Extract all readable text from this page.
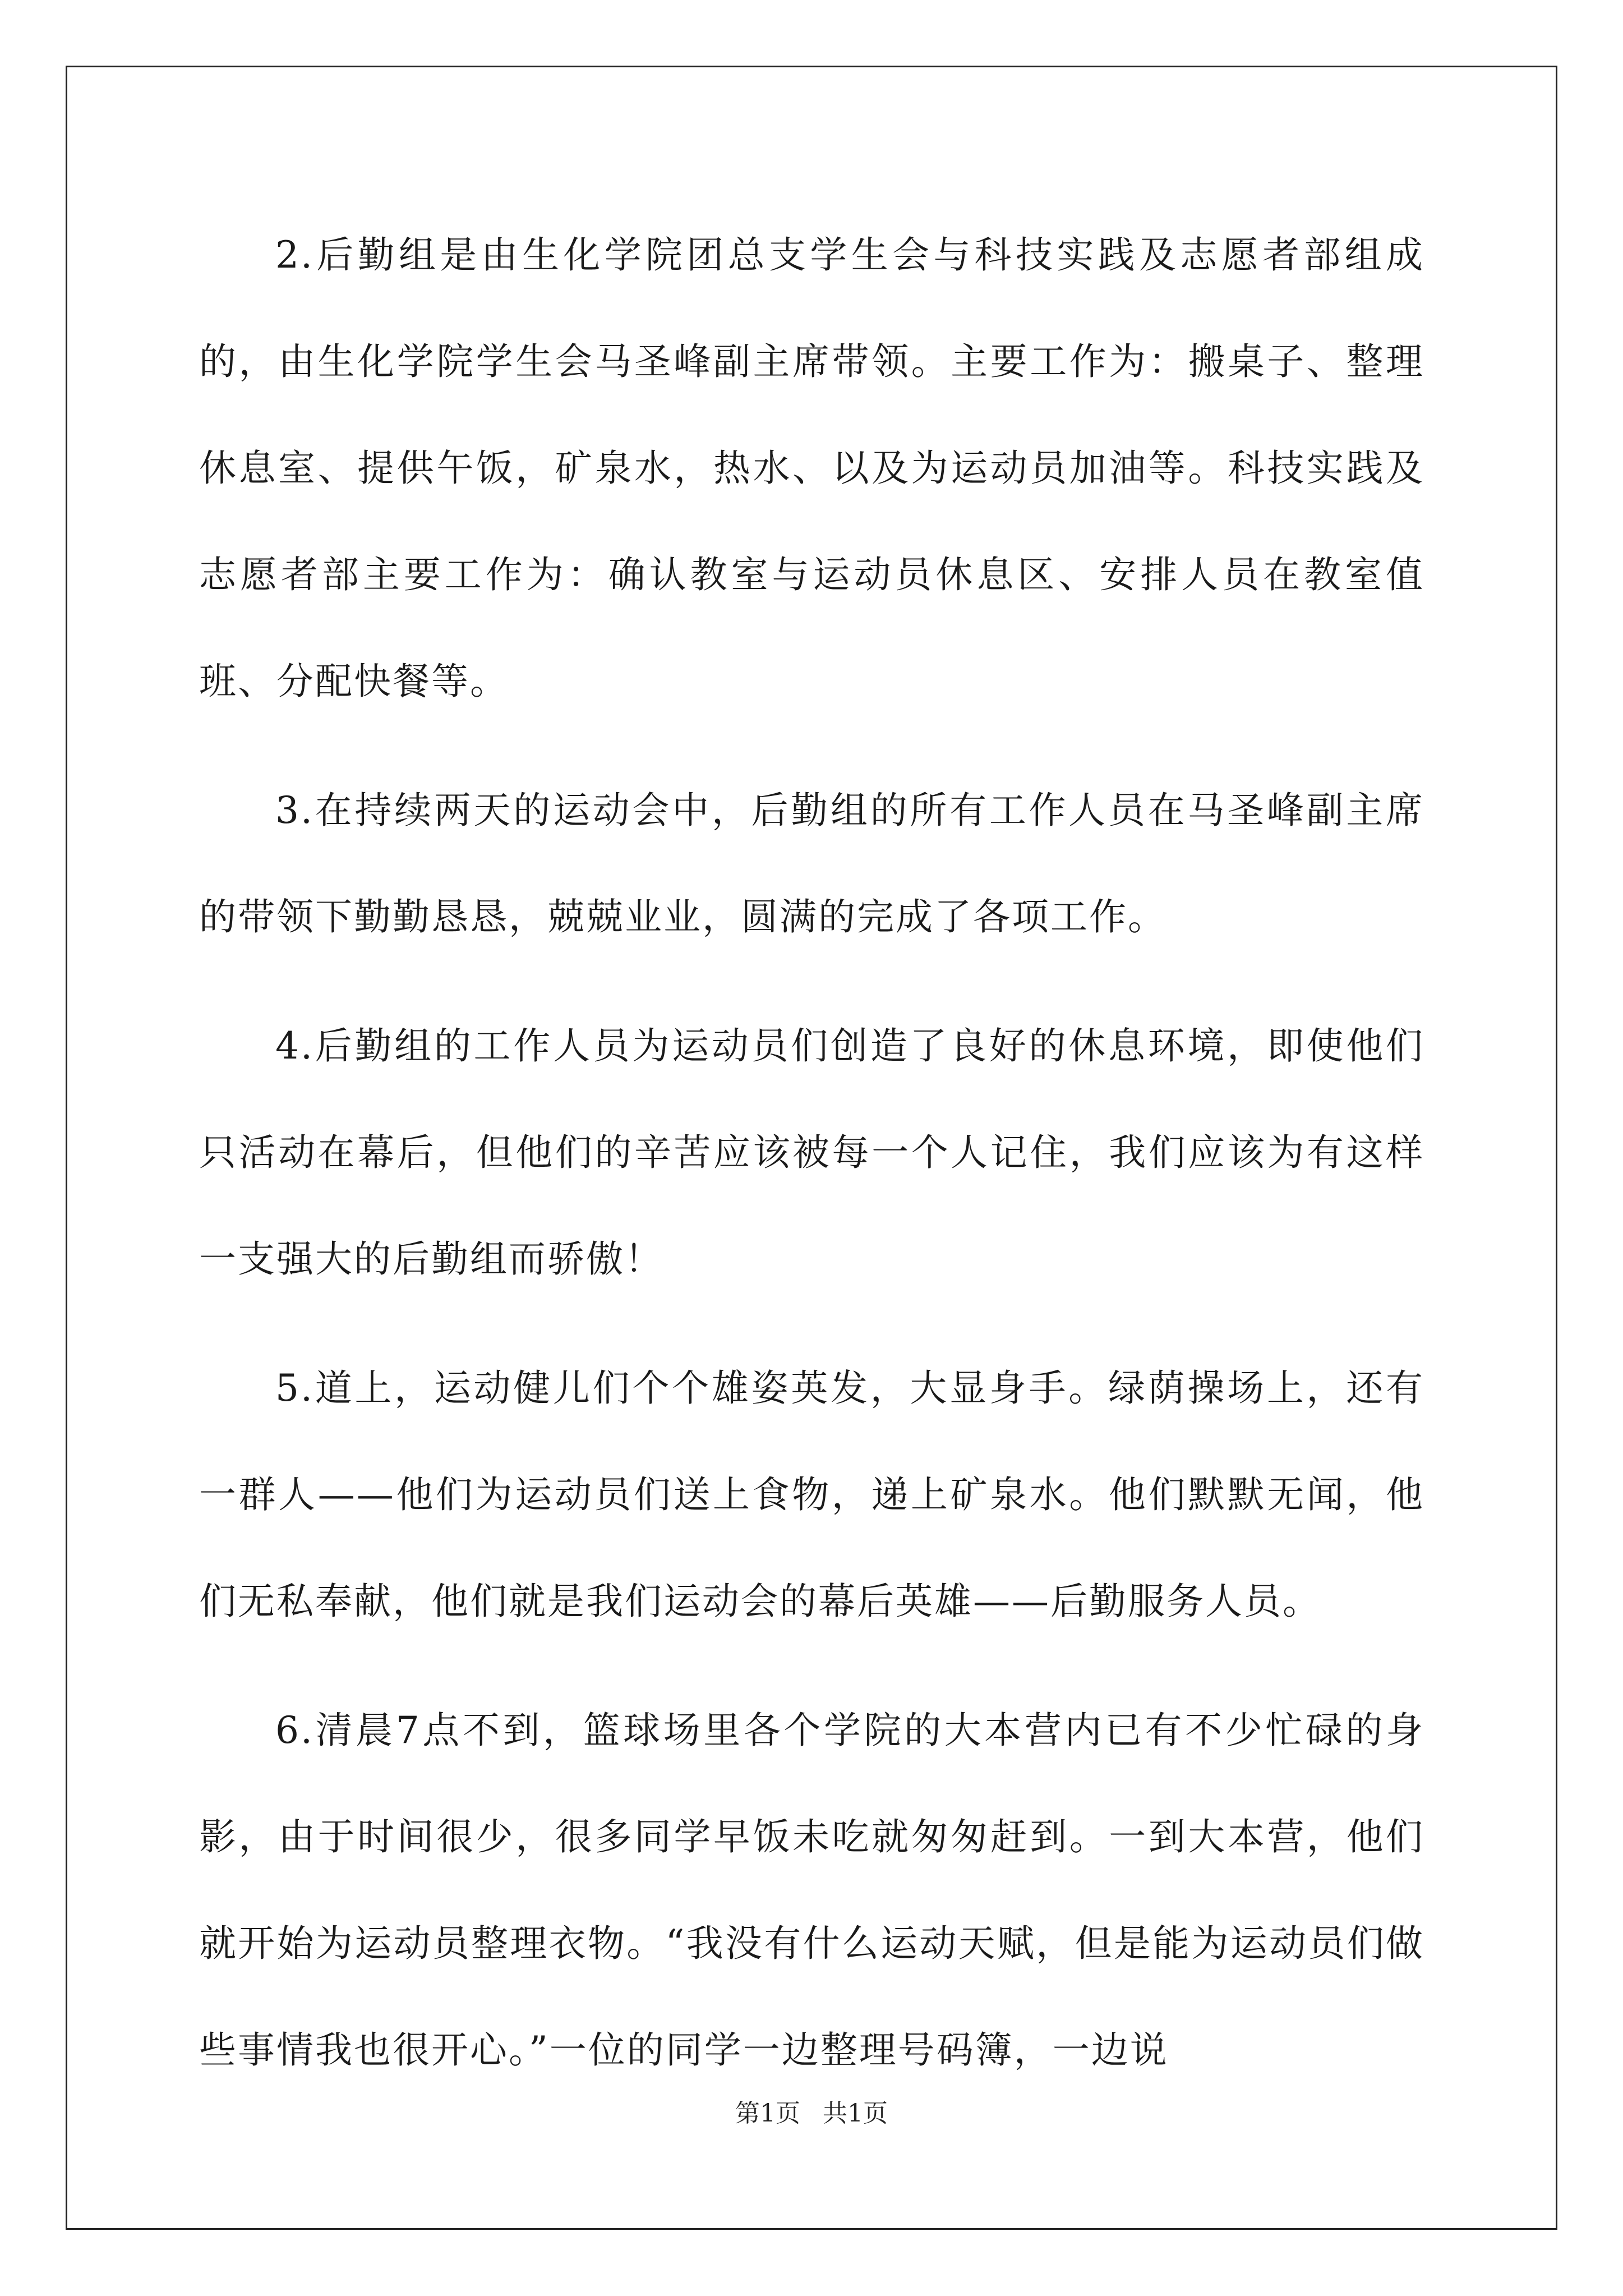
2.后勤组是由生化学院团总支学生会与科技实践及志愿者部组成的，由生化学院学生会马圣峰副主席带领。主要工作为：搬桌子、整理休息室、提供午饭，矿泉水，热水、以及为运动员加油等。科技实践及志愿者部主要工作为：确认教室与运动员休息区、安排人员在教室值班、分配快餐等。

3.在持续两天的运动会中，后勤组的所有工作人员在马圣峰副主席的带领下勤勤恳恳，兢兢业业，圆满的完成了各项工作。

4.后勤组的工作人员为运动员们创造了良好的休息环境，即使他们只活动在幕后，但他们的辛苦应该被每一个人记住，我们应该为有这样一支强大的后勤组而骄傲！

5.道上，运动健儿们个个雄姿英发，大显身手。绿荫操场上，还有一群人——他们为运动员们送上食物，递上矿泉水。他们默默无闻，他们无私奉献，他们就是我们运动会的幕后英雄——后勤服务人员。

6.清晨7点不到，篮球场里各个学院的大本营内已有不少忙碌的身影，由于时间很少，很多同学早饭未吃就匆匆赶到。一到大本营，他们就开始为运动员整理衣物。“我没有什么运动天赋，但是能为运动员们做些事情我也很开心。”一位的同学一边整理号码簿，一边说

第1页 共1页
